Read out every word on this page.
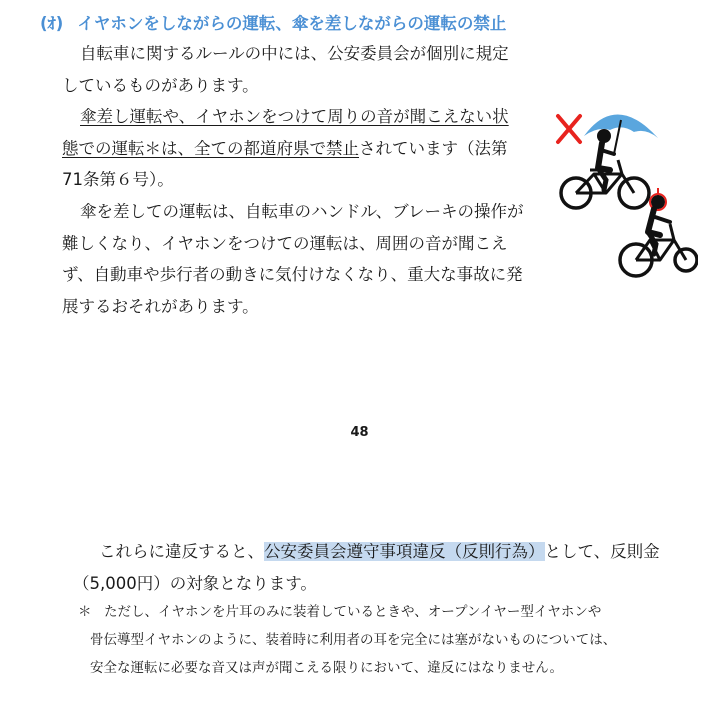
(ｵ) イヤホンをしながらの運転、傘を差しながらの運転の禁止

自転車に関するルールの中には、公安委員会が個別に規定しているものがあります。

傘差し運転や、イヤホンをつけて周りの音が聞こえない状態での運転＊は、全ての都道府県で禁止されています（法第71条第６号）。

傘を差しての運転は、自転車のハンドル、ブレーキの操作が難しくなり、イヤホンをつけての運転は、周囲の音が聞こえず、自動車や歩行者の動きに気付けなくなり、重大な事故に発展するおそれがあります。

48

これらに違反すると、公安委員会遵守事項違反（反則行為）として、反則金（5,000円）の対象となります。

＊ ただし、イヤホンを片耳のみに装着しているときや、オープンイヤー型イヤホンや
骨伝導型イヤホンのように、装着時に利用者の耳を完全には塞がないものについては、
安全な運転に必要な音又は声が聞こえる限りにおいて、違反にはなりません。
